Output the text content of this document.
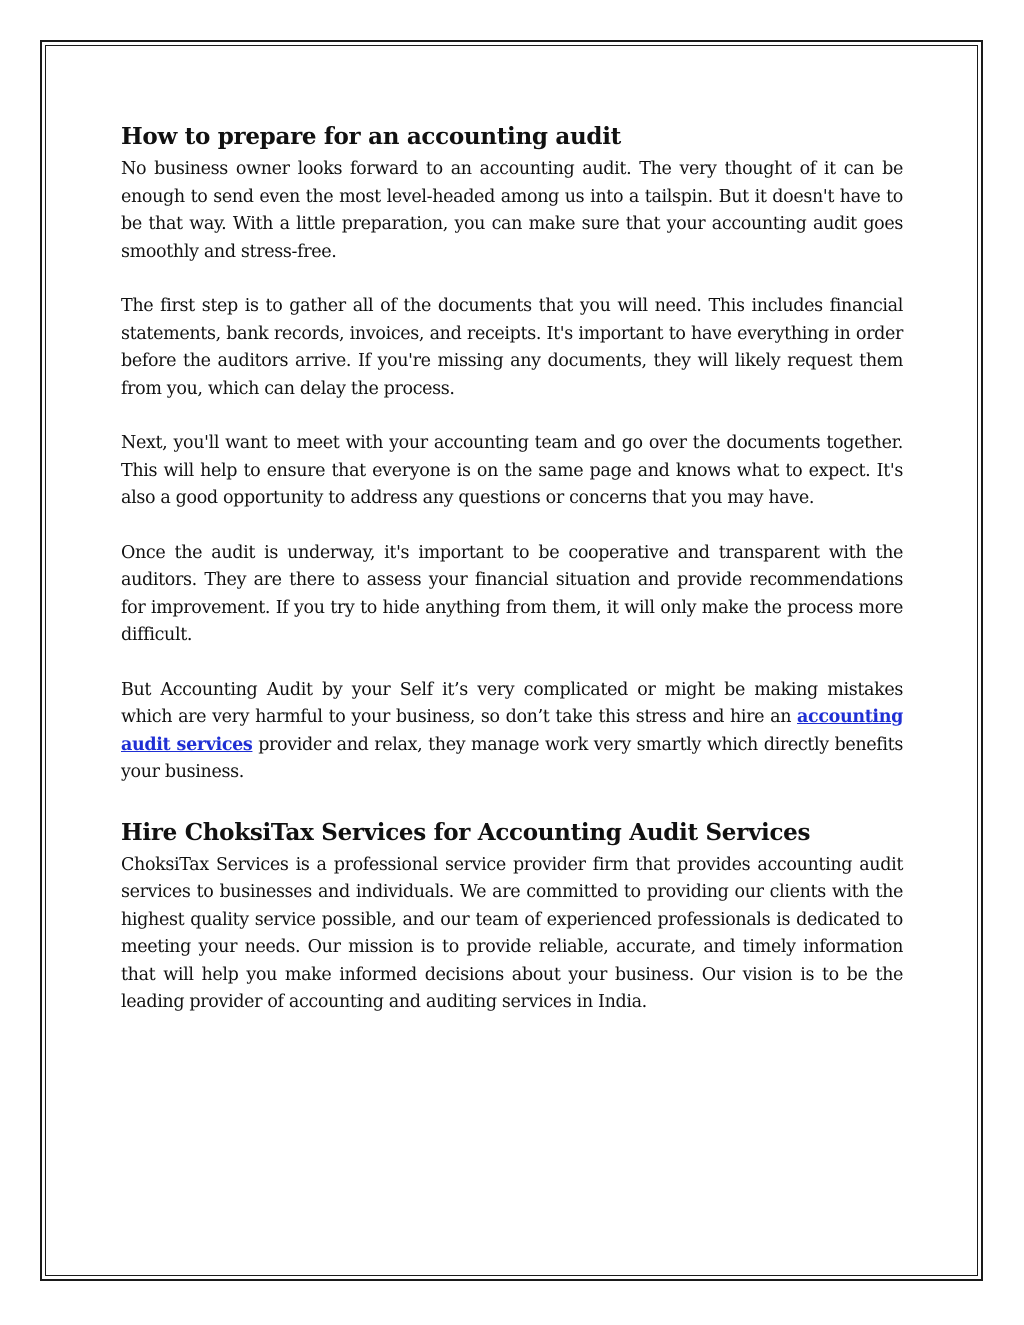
How to prepare for an accounting audit

No business owner looks forward to an accounting audit. The very thought of it can be enough to send even the most level-headed among us into a tailspin. But it doesn't have to be that way. With a little preparation, you can make sure that your accounting audit goes smoothly and stress-free.

The first step is to gather all of the documents that you will need. This includes financial statements, bank records, invoices, and receipts. It's important to have everything in order before the auditors arrive. If you're missing any documents, they will likely request them from you, which can delay the process.

Next, you'll want to meet with your accounting team and go over the documents together. This will help to ensure that everyone is on the same page and knows what to expect. It's also a good opportunity to address any questions or concerns that you may have.

Once the audit is underway, it's important to be cooperative and transparent with the auditors. They are there to assess your financial situation and provide recommendations for improvement. If you try to hide anything from them, it will only make the process more difficult.

But Accounting Audit by your Self it’s very complicated or might be making mistakes which are very harmful to your business, so don’t take this stress and hire an accounting audit services provider and relax, they manage work very smartly which directly benefits your business.

Hire ChoksiTax Services for Accounting Audit Services

ChoksiTax Services is a professional service provider firm that provides accounting audit services to businesses and individuals. We are committed to providing our clients with the highest quality service possible, and our team of experienced professionals is dedicated to meeting your needs. Our mission is to provide reliable, accurate, and timely information that will help you make informed decisions about your business. Our vision is to be the leading provider of accounting and auditing services in India.
